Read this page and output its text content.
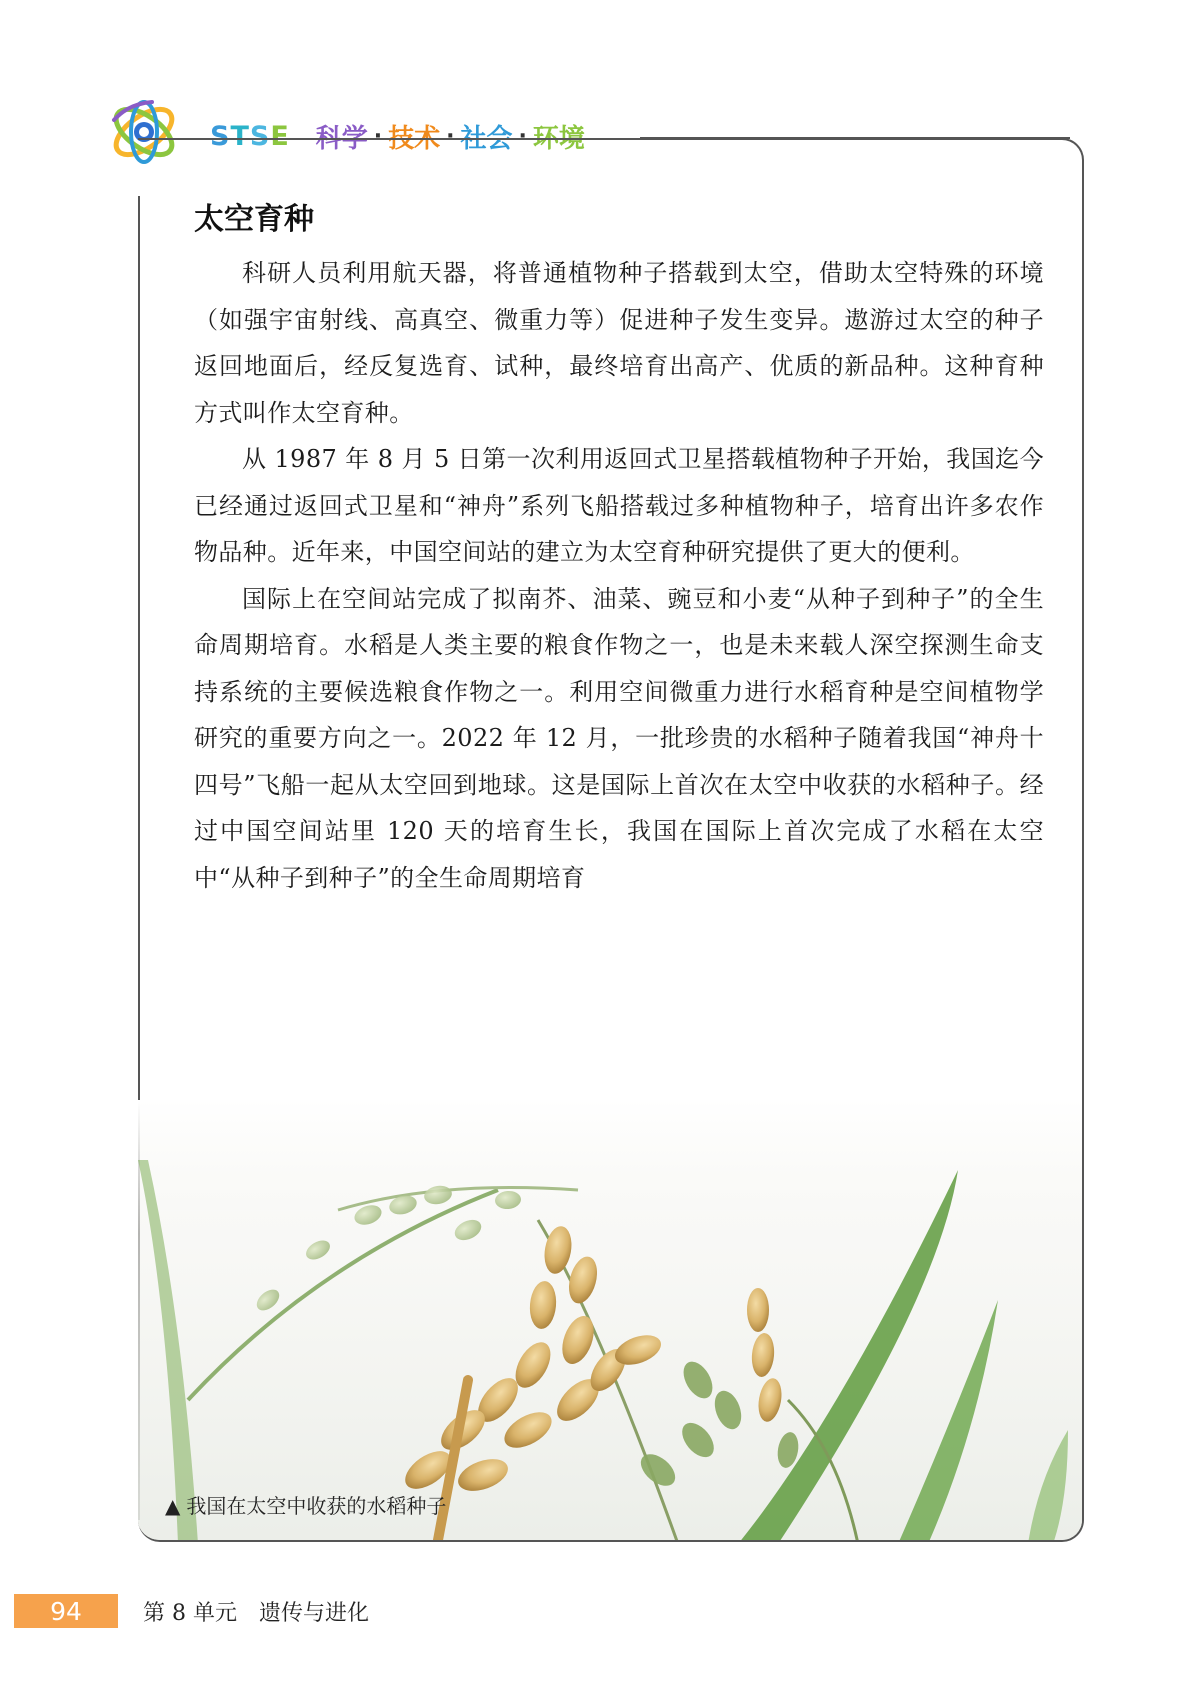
STSE 科学 · 技术 · 社会 · 环境
太空育种

科研人员利用航天器，将普通植物种子搭载到太空，借助太空特殊的环境（如强宇宙射线、高真空、微重力等）促进种子发生变异。遨游过太空的种子返回地面后，经反复选育、试种，最终培育出高产、优质的新品种。这种育种方式叫作太空育种。

从 1987 年 8 月 5 日第一次利用返回式卫星搭载植物种子开始，我国迄今已经通过返回式卫星和“神舟”系列飞船搭载过多种植物种子，培育出许多农作物品种。近年来，中国空间站的建立为太空育种研究提供了更大的便利。

国际上在空间站完成了拟南芥、油菜、豌豆和小麦“从种子到种子”的全生命周期培育。水稻是人类主要的粮食作物之一，也是未来载人深空探测生命支持系统的主要候选粮食作物之一。利用空间微重力进行水稻育种是空间植物学研究的重要方向之一。2022 年 12 月，一批珍贵的水稻种子随着我国“神舟十四号”飞船一起从太空回到地球。这是国际上首次在太空中收获的水稻种子。经过中国空间站里 120 天的培育生长，我国在国际上首次完成了水稻在太空中“从种子到种子”的全生命周期培育

▲ 我国在太空中收获的水稻种子
94	第 8 单元 遗传与进化
